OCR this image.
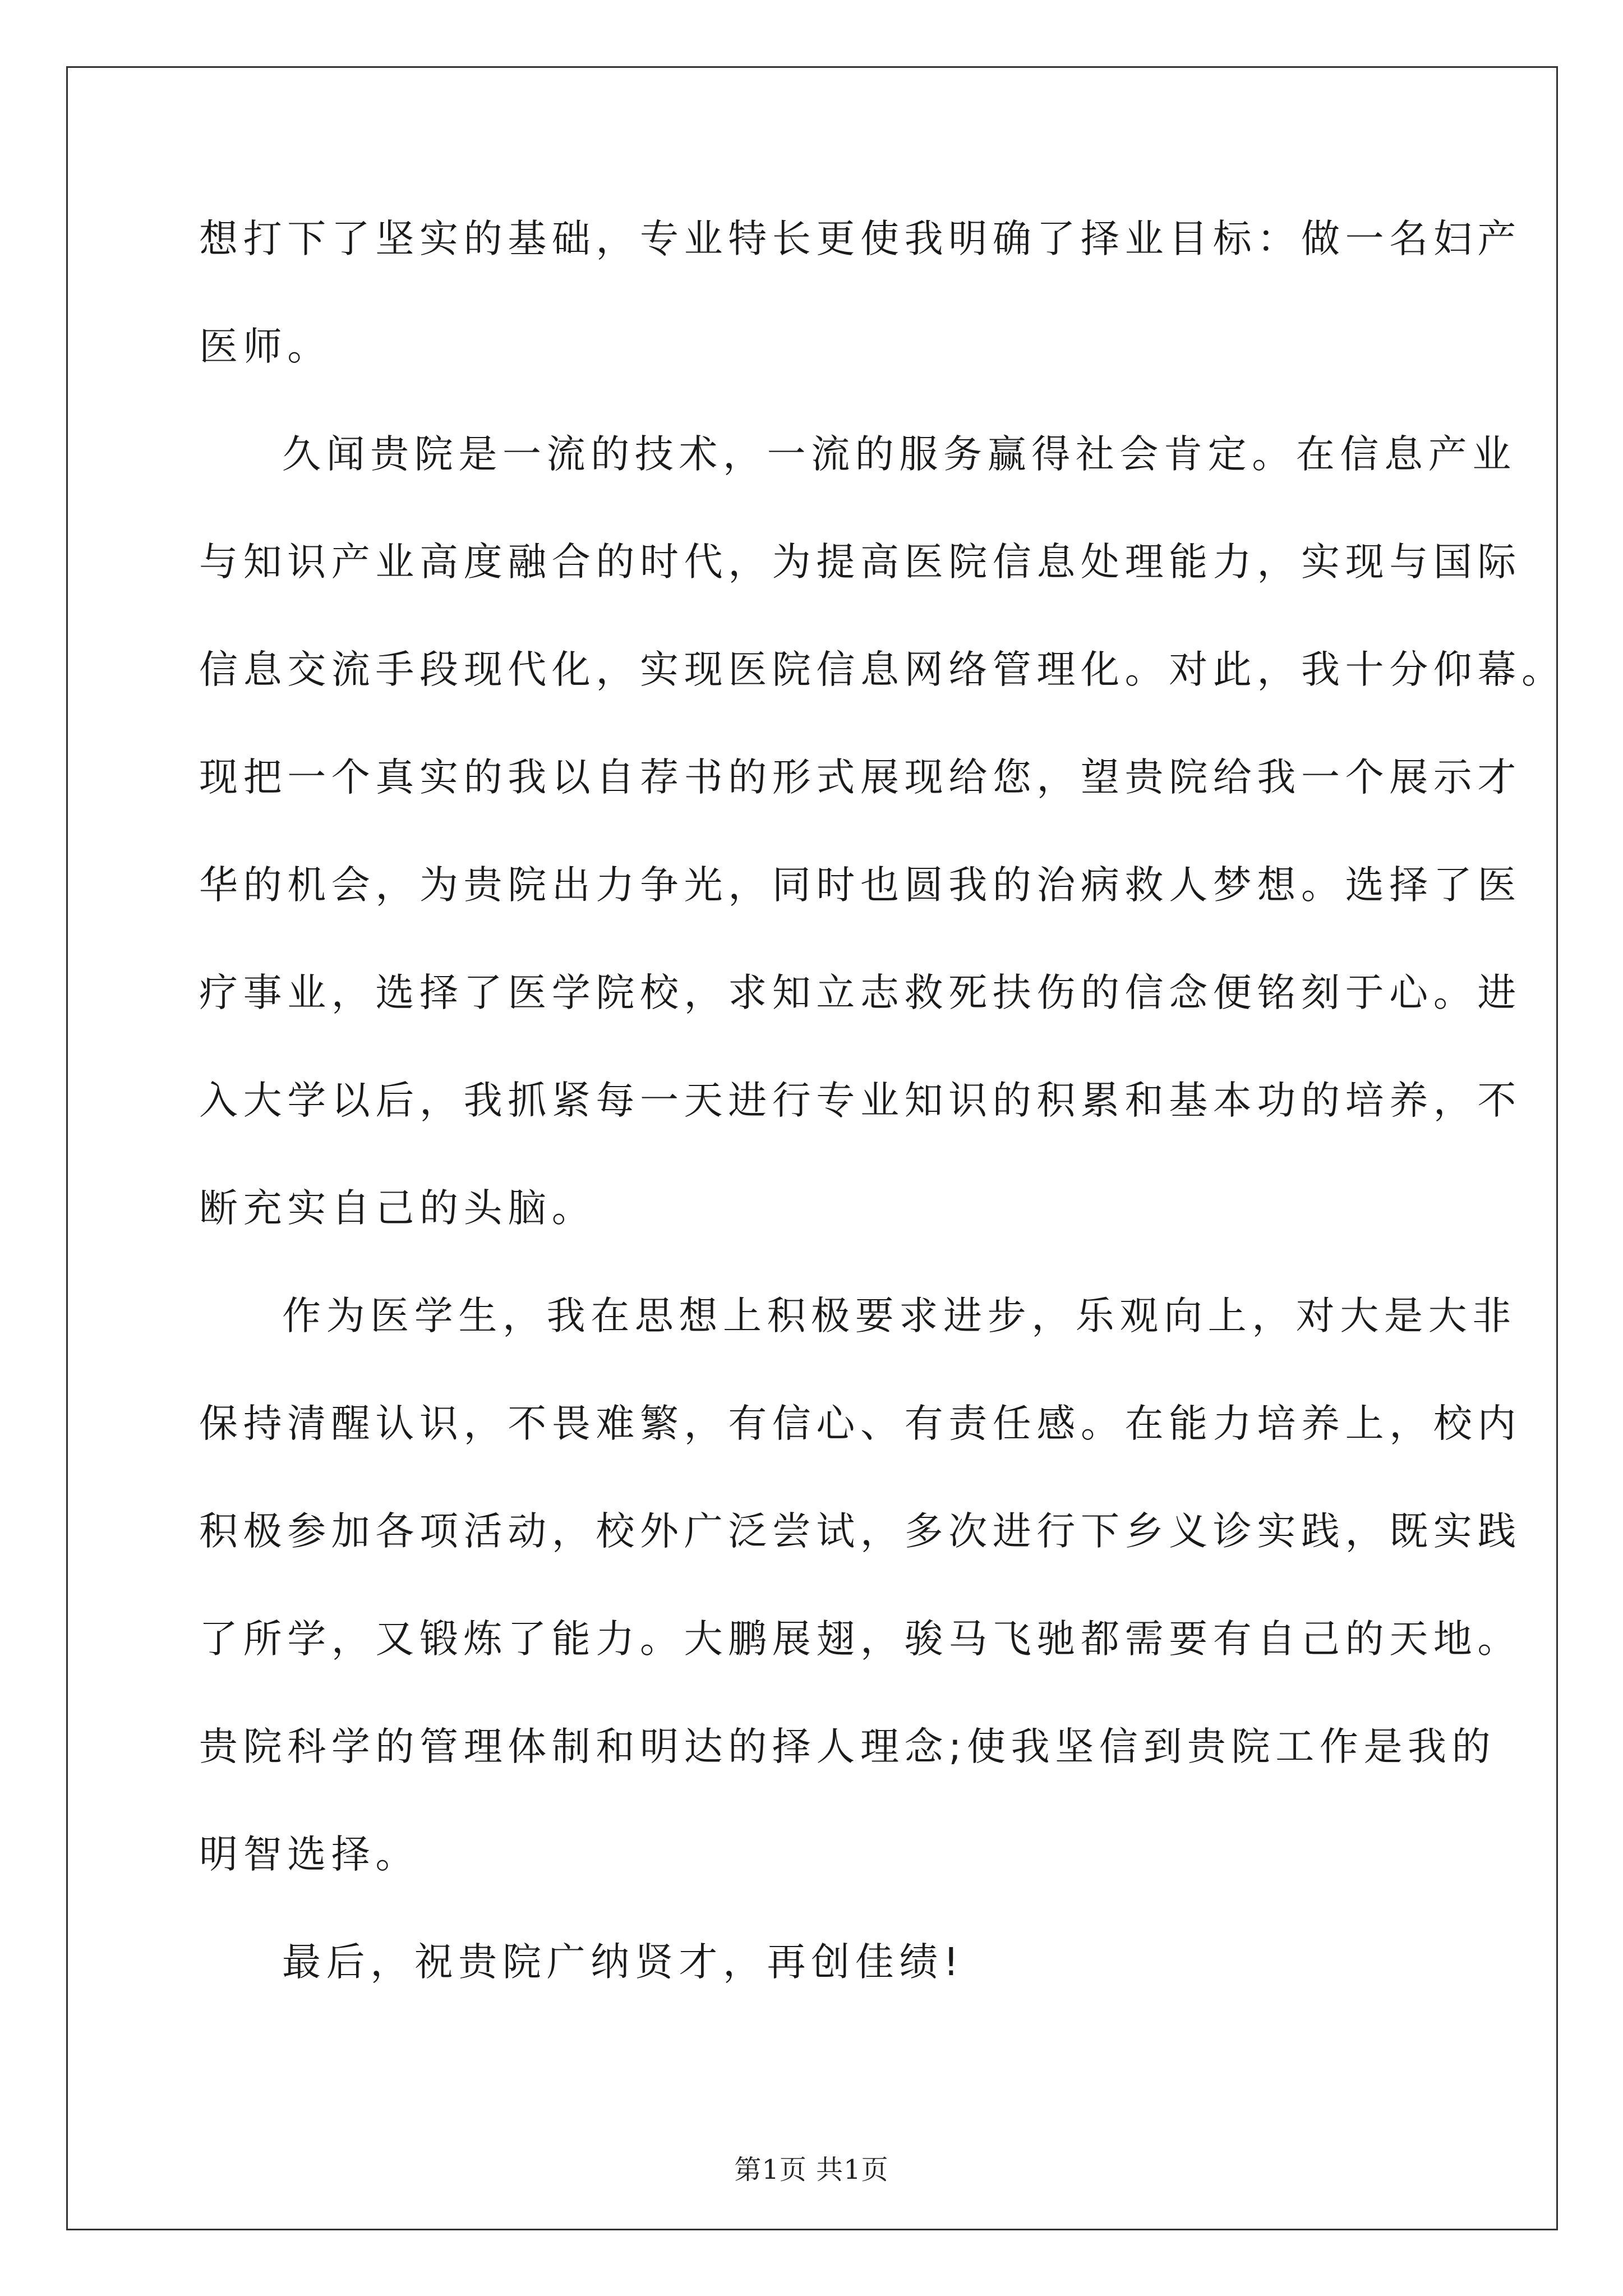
想打下了坚实的基础，专业特长更使我明确了择业目标：做一名妇产
医师。

久闻贵院是一流的技术，一流的服务赢得社会肯定。在信息产业
与知识产业高度融合的时代，为提高医院信息处理能力，实现与国际
信息交流手段现代化，实现医院信息网络管理化。对此，我十分仰幕。
现把一个真实的我以自荐书的形式展现给您，望贵院给我一个展示才
华的机会，为贵院出力争光，同时也圆我的治病救人梦想。选择了医
疗事业，选择了医学院校，求知立志救死扶伤的信念便铭刻于心。进
入大学以后，我抓紧每一天进行专业知识的积累和基本功的培养，不
断充实自己的头脑。

作为医学生，我在思想上积极要求进步，乐观向上，对大是大非
保持清醒认识，不畏难繁，有信心、有责任感。在能力培养上，校内
积极参加各项活动，校外广泛尝试，多次进行下乡义诊实践，既实践
了所学，又锻炼了能力。大鹏展翅，骏马飞驰都需要有自己的天地。
贵院科学的管理体制和明达的择人理念;使我坚信到贵院工作是我的
明智选择。

最后，祝贵院广纳贤才，再创佳绩!

第1页 共1页
